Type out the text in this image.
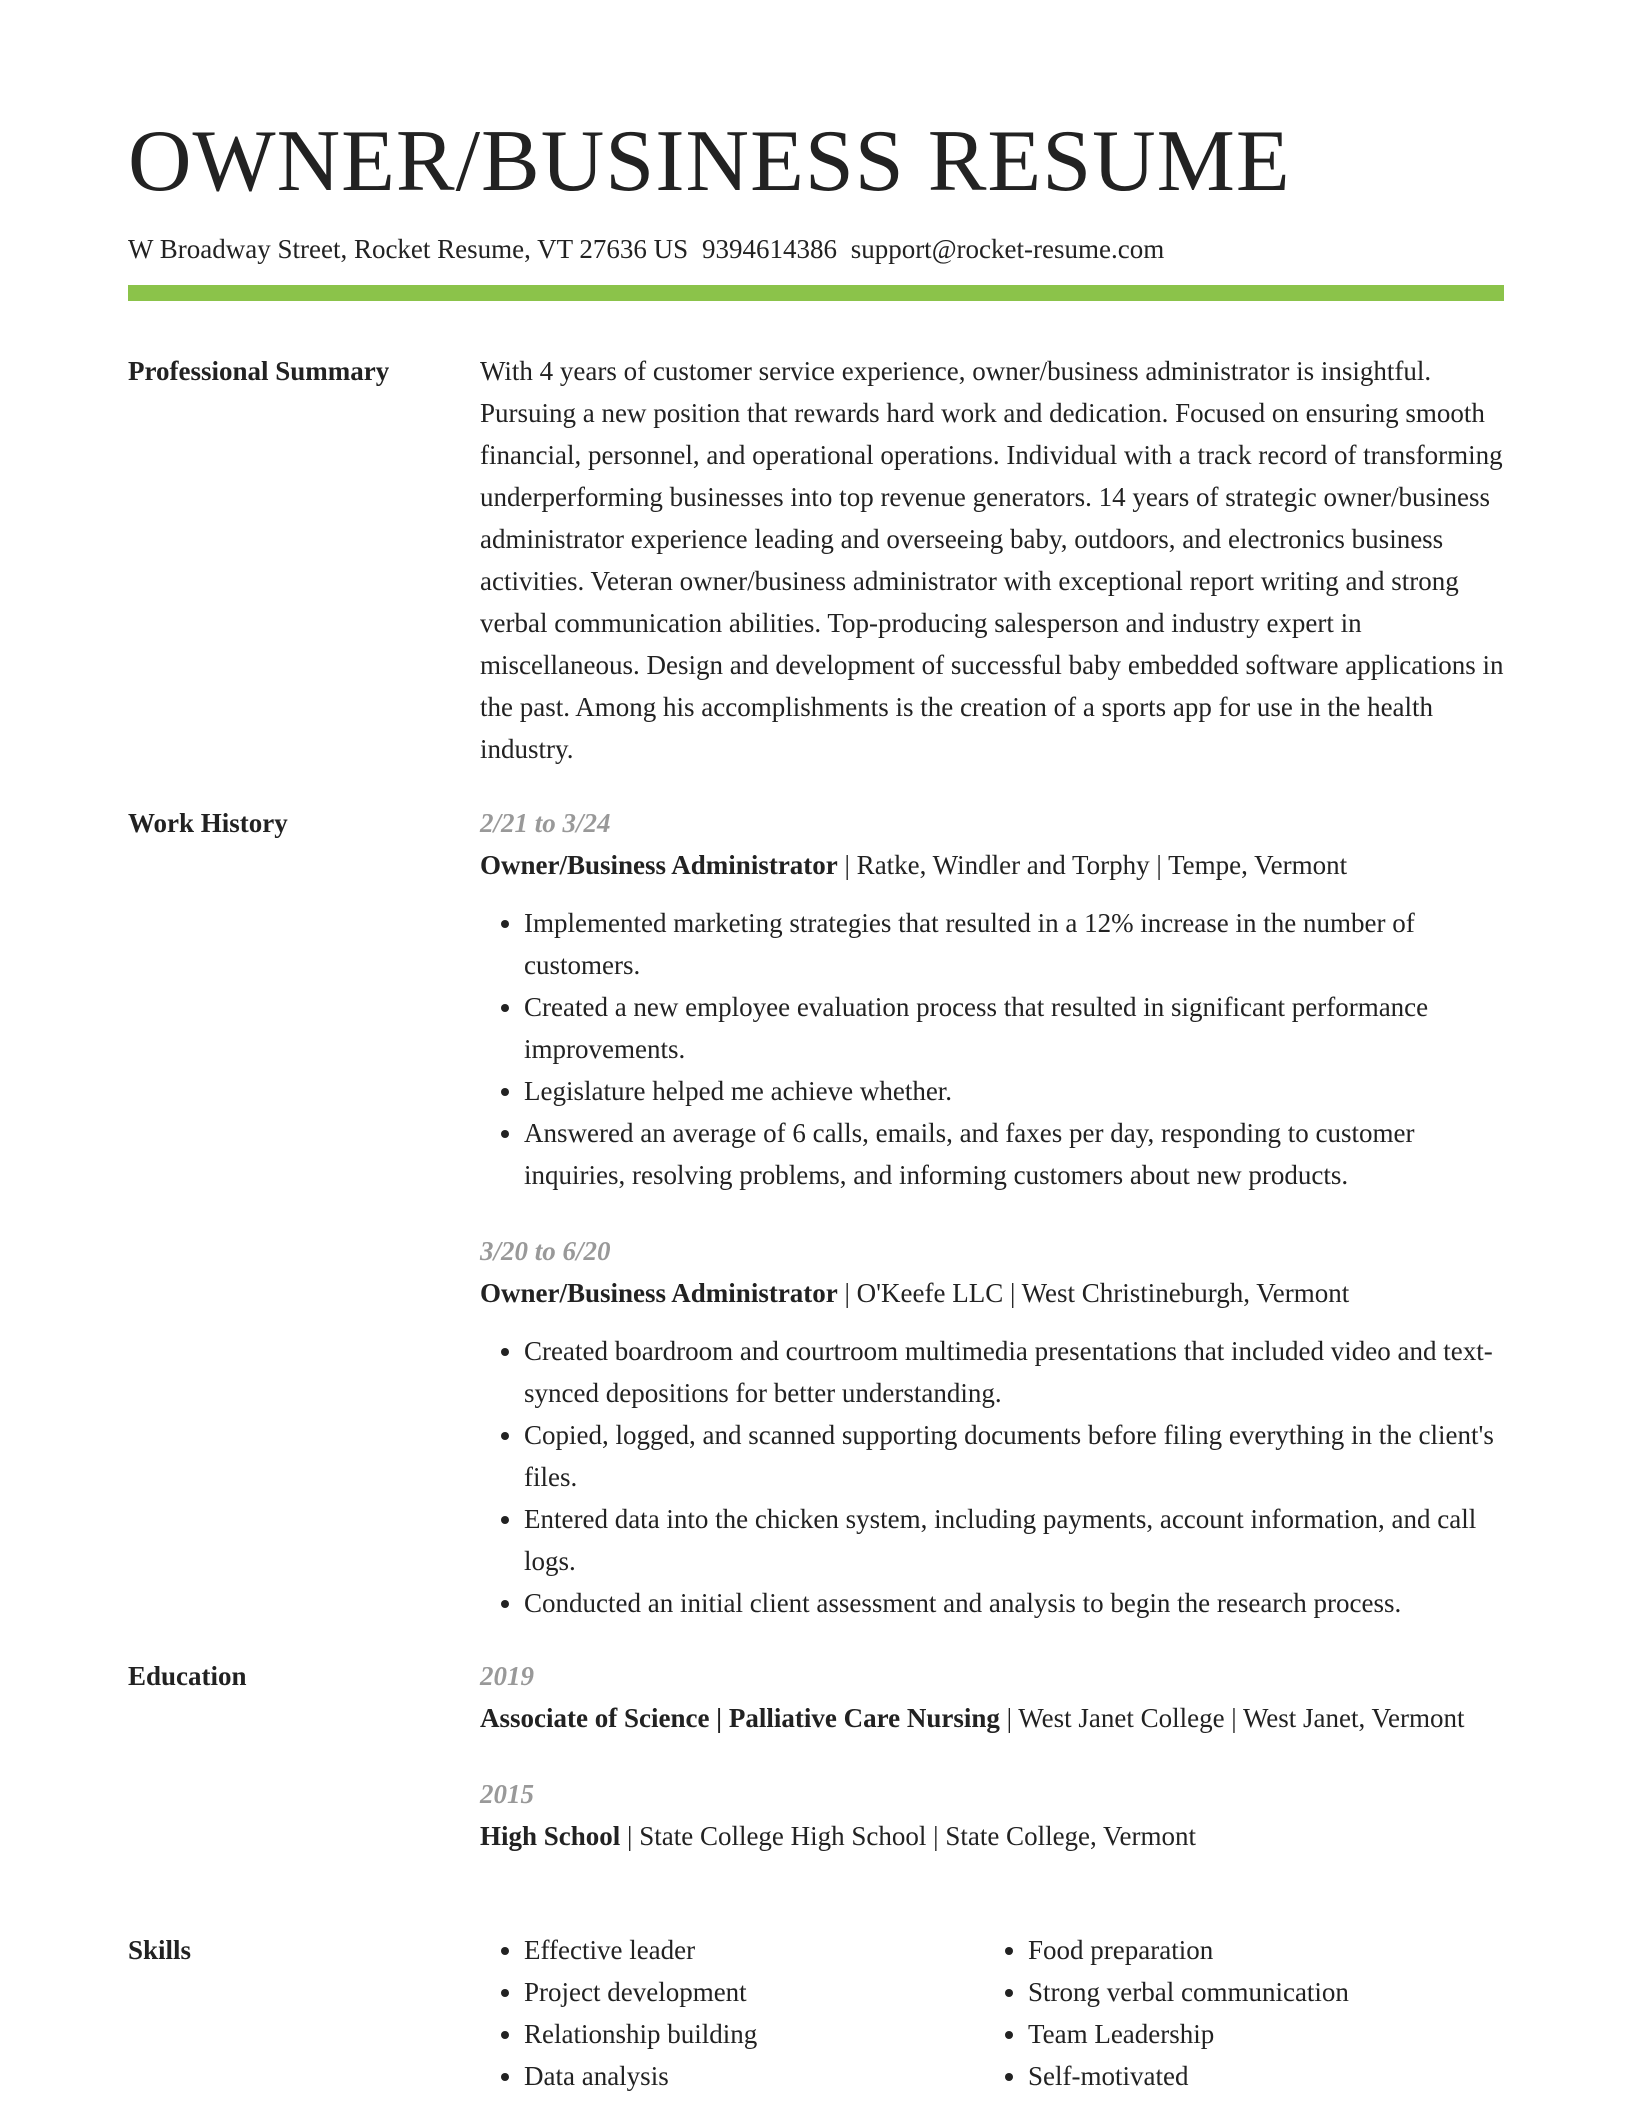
OWNER/BUSINESS RESUME
W Broadway Street, Rocket Resume, VT 27636 US 9394614386 support@rocket-resume.com
Professional Summary	With 4 years of customer service experience, owner/business administrator is insightful. Pursuing a new position that rewards hard work and dedication. Focused on ensuring smooth financial, personnel, and operational operations. Individual with a track record of transforming underperforming businesses into top revenue generators. 14 years of strategic owner/business administrator experience leading and overseeing baby, outdoors, and electronics business activities. Veteran owner/business administrator with exceptional report writing and strong verbal communication abilities. Top-producing salesperson and industry expert in miscellaneous. Design and development of successful baby embedded software applications in the past. Among his accomplishments is the creation of a sports app for use in the health industry.

Work History	2/21 to 3/24

Owner/Business Administrator | Ratke, Windler and Torphy | Tempe, Vermont

• Implemented marketing strategies that resulted in a 12% increase in the number of customers.
• Created a new employee evaluation process that resulted in significant performance improvements.
• Legislature helped me achieve whether.
• Answered an average of 6 calls, emails, and faxes per day, responding to customer inquiries, resolving problems, and informing customers about new products.
3/20 to 6/20

Owner/Business Administrator | O'Keefe LLC | West Christineburgh, Vermont

• Created boardroom and courtroom multimedia presentations that included video and text-synced depositions for better understanding.
• Copied, logged, and scanned supporting documents before filing everything in the client's files.
• Entered data into the chicken system, including payments, account information, and call logs.
• Conducted an initial client assessment and analysis to begin the research process.
Education	2019

Associate of Science | Palliative Care Nursing | West Janet College | West Janet, Vermont

2015

High School | State College High School | State College, Vermont

Skills
•	Effective leader
• Project development
• Relationship building
• Data analysis
• Food preparation
• Strong verbal communication
• Team Leadership
• Self-motivated
